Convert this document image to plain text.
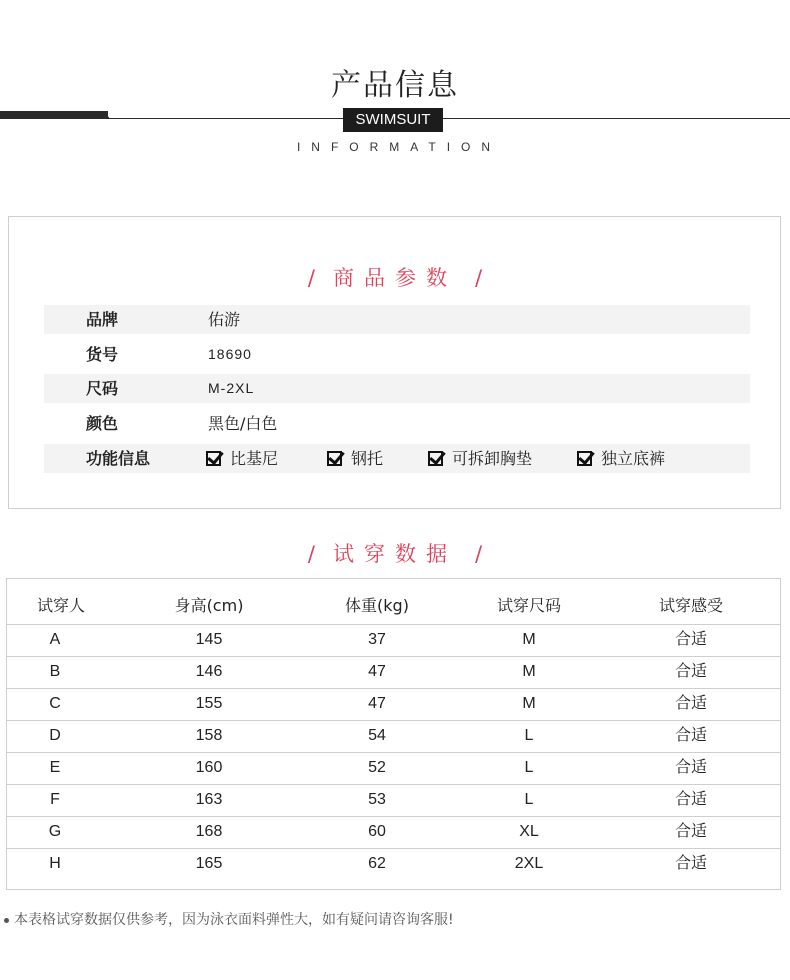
产品信息
SWIMSUIT
INFORMATION
/ 商品参数 /
品牌	佑游
货号	18690
尺码	M-2XL
颜色	黑色/白色
功能信息	比基尼	钢托	可拆卸胸垫	独立底裤
/ 试穿数据 /
试穿人	身高(cm)	体重(kg)	试穿尺码	试穿感受
A	145	37	M	合适
B	146	47	M	合适
C	155	47	M	合适
D	158	54	L	合适
E	160	52	L	合适
F	163	53	L	合适
G	168	60	XL	合适
H	165	62	2XL	合适
本表格试穿数据仅供参考，因为泳衣面料弹性大，如有疑问请咨询客服!
